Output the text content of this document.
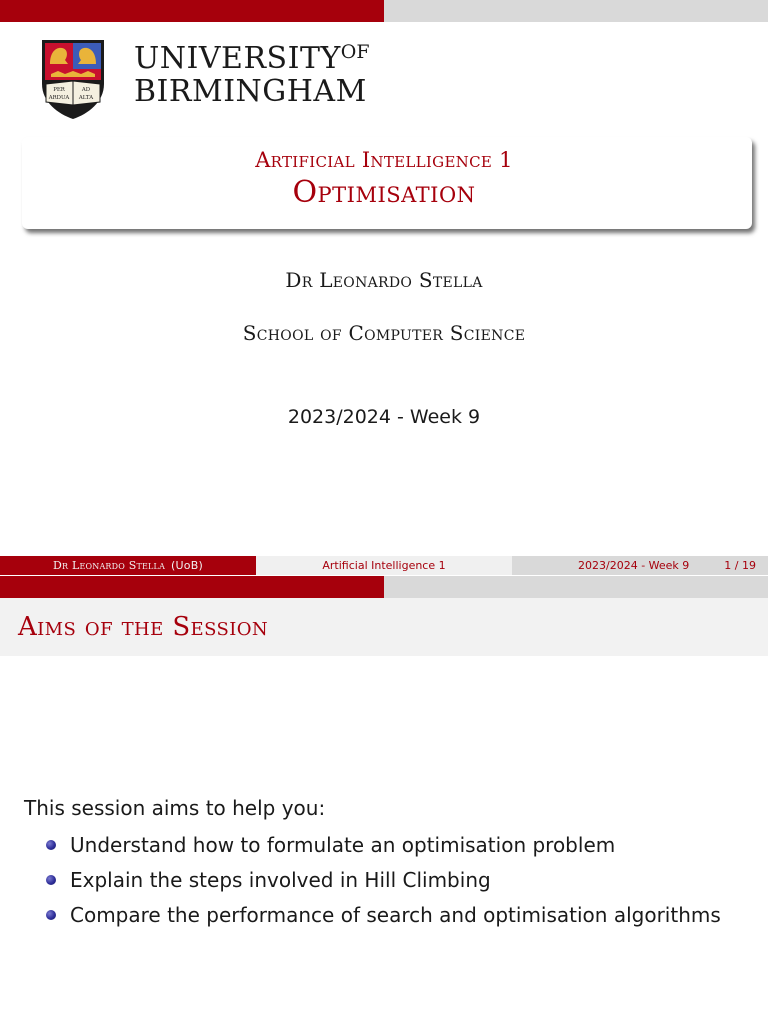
PER	AD
ARDUA ALTA
$UNIVERSITY^{OF}$
BIRMINGHAM
Artificial Intelligence 1
Optimisation
Dr Leonardo Stella
School of Computer Science
2023/2024 - Week 9
Dr Leonardo Stella (UoB)	Artificial Intelligence 1	2023/2024 - Week 9	1 / 19
Aims of the Session
This session aims to help you:
Understand how to formulate an optimisation problem
Explain the steps involved in Hill Climbing
Compare the performance of search and optimisation algorithms
